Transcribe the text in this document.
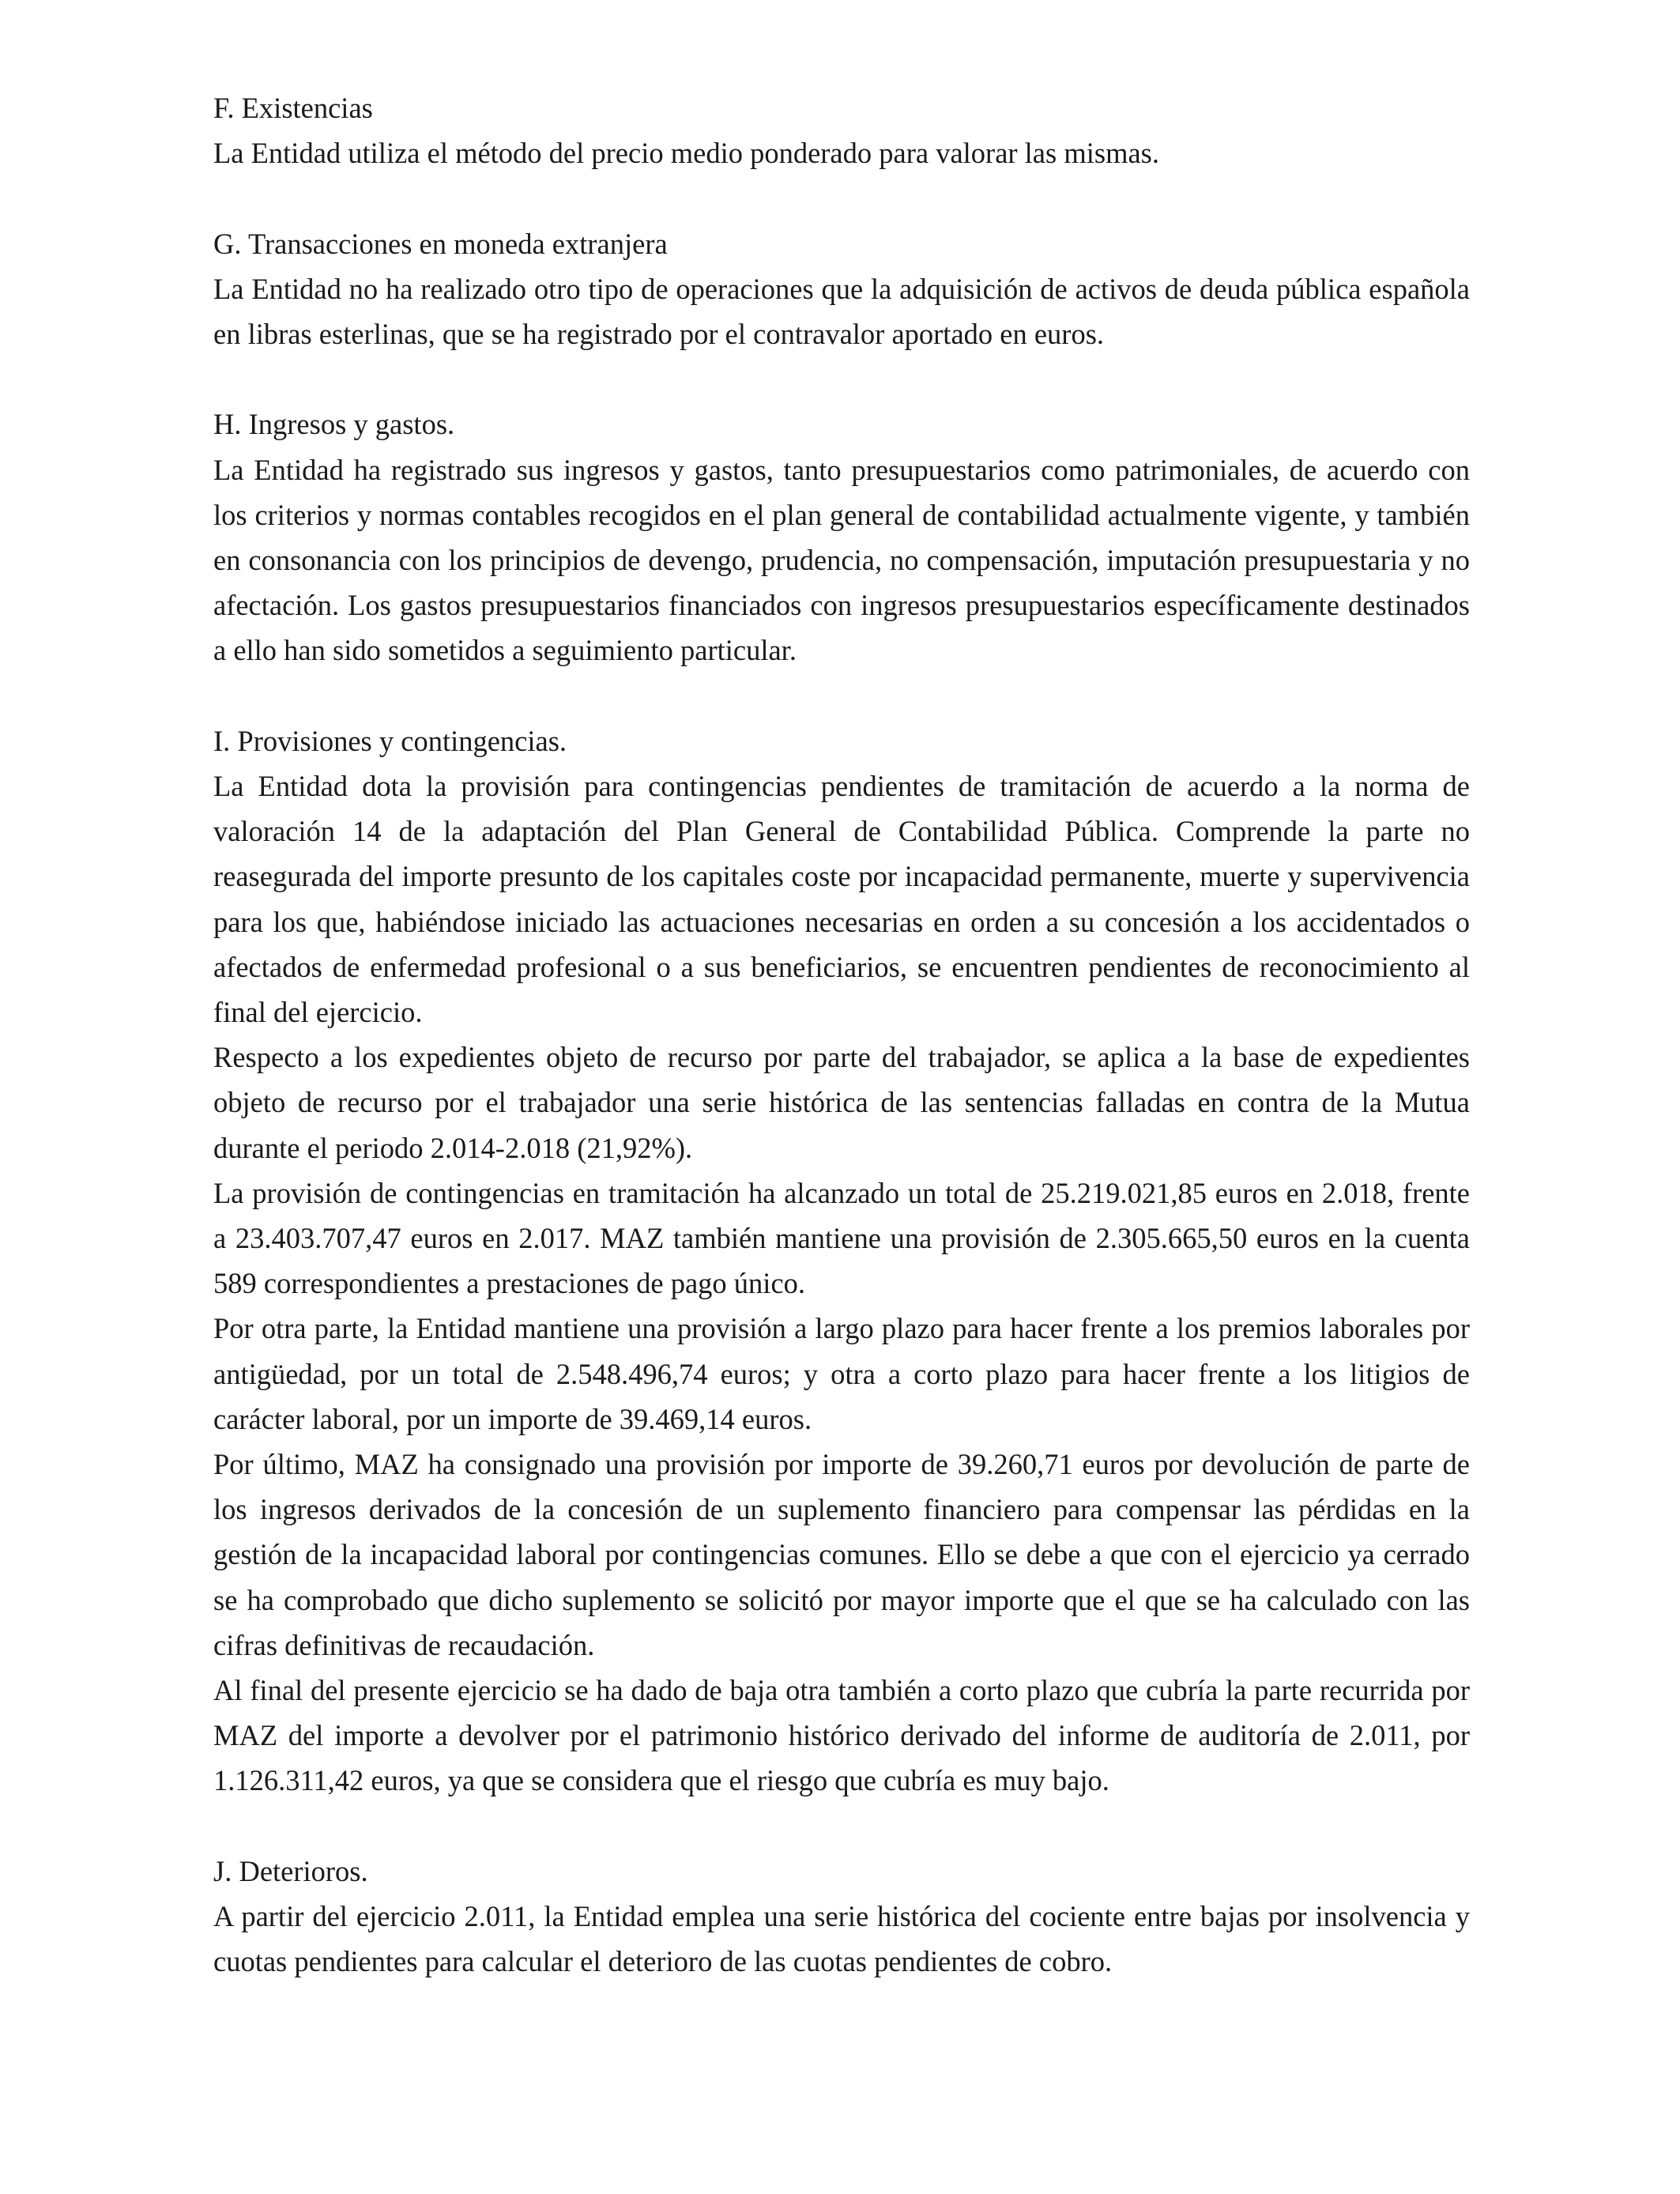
F. Existencias

La Entidad utiliza el método del precio medio ponderado para valorar las mismas.

G. Transacciones en moneda extranjera

La Entidad no ha realizado otro tipo de operaciones que la adquisición de activos de deuda pública española en libras esterlinas, que se ha registrado por el contravalor aportado en euros.

H. Ingresos y gastos.

La Entidad ha registrado sus ingresos y gastos, tanto presupuestarios como patrimoniales, de acuerdo con los criterios y normas contables recogidos en el plan general de contabilidad actualmente vigente, y también en consonancia con los principios de devengo, prudencia, no compensación, imputación presupuestaria y no afectación. Los gastos presupuestarios financiados con ingresos presupuestarios específicamente destinados a ello han sido sometidos a seguimiento particular.

I. Provisiones y contingencias.

La Entidad dota la provisión para contingencias pendientes de tramitación de acuerdo a la norma de valoración 14 de la adaptación del Plan General de Contabilidad Pública. Comprende la parte no reasegurada del importe presunto de los capitales coste por incapacidad permanente, muerte y supervivencia para los que, habiéndose iniciado las actuaciones necesarias en orden a su concesión a los accidentados o afectados de enfermedad profesional o a sus beneficiarios, se encuentren pendientes de reconocimiento al final del ejercicio.

Respecto a los expedientes objeto de recurso por parte del trabajador, se aplica a la base de expedientes objeto de recurso por el trabajador una serie histórica de las sentencias falladas en contra de la Mutua durante el periodo 2.014-2.018 (21,92%).

La provisión de contingencias en tramitación ha alcanzado un total de 25.219.021,85 euros en 2.018, frente a 23.403.707,47 euros en 2.017. MAZ también mantiene una provisión de 2.305.665,50 euros en la cuenta 589 correspondientes a prestaciones de pago único.

Por otra parte, la Entidad mantiene una provisión a largo plazo para hacer frente a los premios laborales por antigüedad, por un total de 2.548.496,74 euros; y otra a corto plazo para hacer frente a los litigios de carácter laboral, por un importe de 39.469,14 euros.

Por último, MAZ ha consignado una provisión por importe de 39.260,71 euros por devolución de parte de los ingresos derivados de la concesión de un suplemento financiero para compensar las pérdidas en la gestión de la incapacidad laboral por contingencias comunes. Ello se debe a que con el ejercicio ya cerrado se ha comprobado que dicho suplemento se solicitó por mayor importe que el que se ha calculado con las cifras definitivas de recaudación.

Al final del presente ejercicio se ha dado de baja otra también a corto plazo que cubría la parte recurrida por MAZ del importe a devolver por el patrimonio histórico derivado del informe de auditoría de 2.011, por 1.126.311,42 euros, ya que se considera que el riesgo que cubría es muy bajo.

J. Deterioros.

A partir del ejercicio 2.011, la Entidad emplea una serie histórica del cociente entre bajas por insolvencia y cuotas pendientes para calcular el deterioro de las cuotas pendientes de cobro.
